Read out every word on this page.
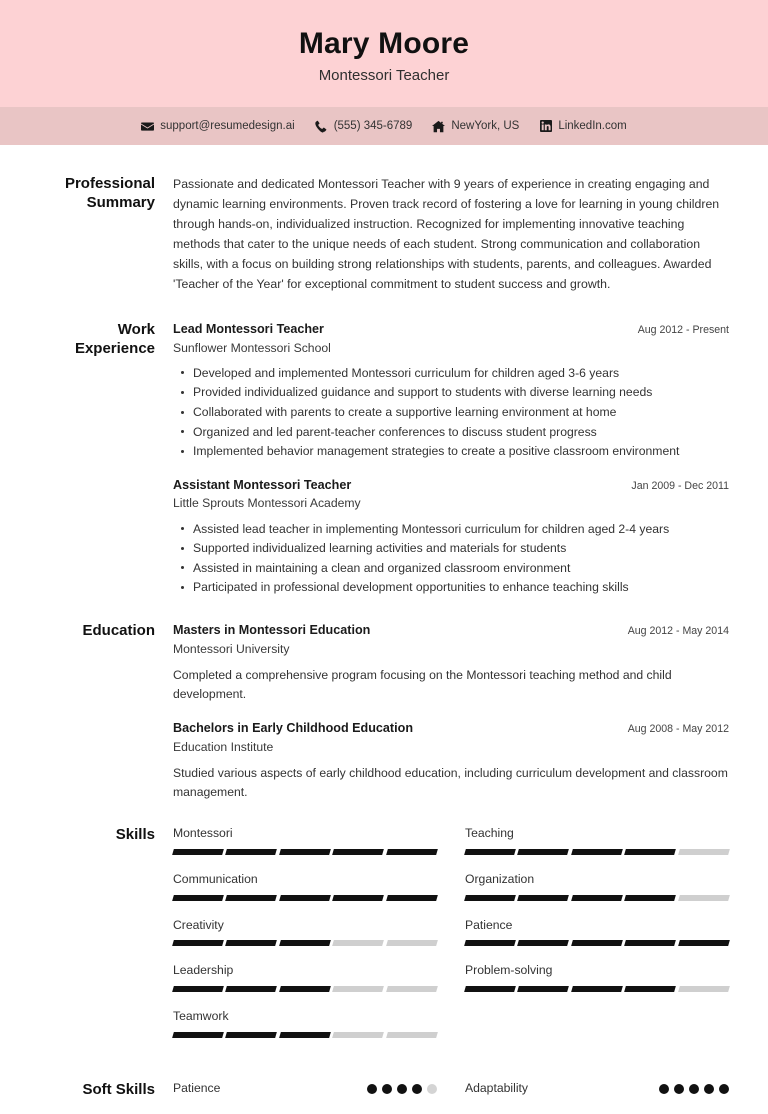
Mary Moore
Montessori Teacher
support@resumedesign.ai	(555) 345-6789	NewYork, US	LinkedIn.com
Professional Summary
Passionate and dedicated Montessori Teacher with 9 years of experience in creating engaging and dynamic learning environments. Proven track record of fostering a love for learning in young children through hands-on, individualized instruction. Recognized for implementing innovative teaching methods that cater to the unique needs of each student. Strong communication and collaboration skills, with a focus on building strong relationships with students, parents, and colleagues. Awarded 'Teacher of the Year' for exceptional commitment to student success and growth.
Work Experience
Lead Montessori Teacher	Aug 2012 - Present
Sunflower Montessori School
Developed and implemented Montessori curriculum for children aged 3-6 years
Provided individualized guidance and support to students with diverse learning needs
Collaborated with parents to create a supportive learning environment at home
Organized and led parent-teacher conferences to discuss student progress
Implemented behavior management strategies to create a positive classroom environment
Assistant Montessori Teacher	Jan 2009 - Dec 2011
Little Sprouts Montessori Academy
Assisted lead teacher in implementing Montessori curriculum for children aged 2-4 years
Supported individualized learning activities and materials for students
Assisted in maintaining a clean and organized classroom environment
Participated in professional development opportunities to enhance teaching skills
Education	Masters in Montessori Education	Aug 2012 - May 2014
Montessori University
Completed a comprehensive program focusing on the Montessori teaching method and child development.
Bachelors in Early Childhood Education	Aug 2008 - May 2012
Education Institute
Studied various aspects of early childhood education, including curriculum development and classroom management.
Skills	Montessori	Teaching
Communication	Organization
Creativity	Patience
Leadership	Problem-solving
Teamwork
Soft Skills	Patience	Adaptability
